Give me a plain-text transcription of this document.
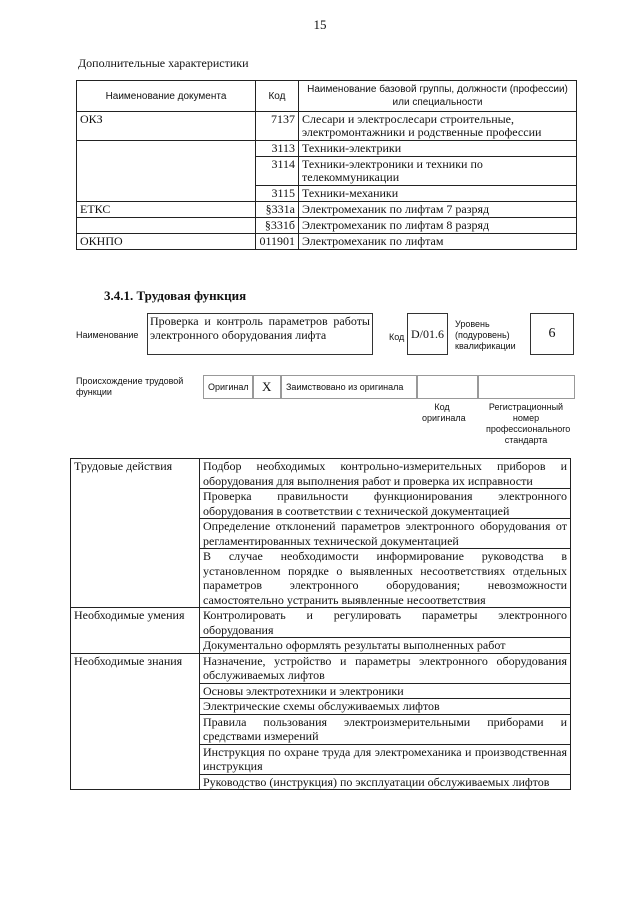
15
Дополнительные характеристики
Наименование документа	Код	Наименование базовой группы, должности (профессии) или специальности
ОКЗ	7137	Слесари и электрослесари строительные, электромонтажники и родственные профессии
	3113	Техники-электрики
	3114	Техники-электроники и техники по телекоммуникации
	3115	Техники-механики
ЕТКС	§331а	Электромеханик по лифтам 7 разряд
	§331б	Электромеханик по лифтам 8 разряд
ОКНПО	011901	Электромеханик по лифтам
3.4.1. Трудовая функция
Наименование
Проверка и контроль параметров работы электронного оборудования лифта	Код D/01.6
Уровень
(подуровень)
квалификации
6
Происхождение трудовой функции	Оригинал	X	Заимствовано из оригинала
Код оригинала
Регистрационный номер профессионального стандарта
Трудовые действия	Подбор необходимых контрольно-измерительных приборов и оборудования для выполнения работ и проверка их исправности
	Проверка правильности функционирования электронного оборудования в соответствии с технической документацией
	Определение отклонений параметров электронного оборудования от регламентированных технической документацией
	В случае необходимости информирование руководства в установленном порядке о выявленных несоответствиях отдельных параметров электронного оборудования; невозможности самостоятельно устранить выявленные несоответствия
Необходимые умения	Контролировать и регулировать параметры электронного оборудования
	Документально оформлять результаты выполненных работ
Необходимые знания	Назначение, устройство и параметры электронного оборудования обслуживаемых лифтов
	Основы электротехники и электроники
	Электрические схемы обслуживаемых лифтов
	Правила пользования электроизмерительными приборами и средствами измерений
	Инструкция по охране труда для электромеханика и производственная инструкция
	Руководство (инструкция) по эксплуатации обслуживаемых лифтов
